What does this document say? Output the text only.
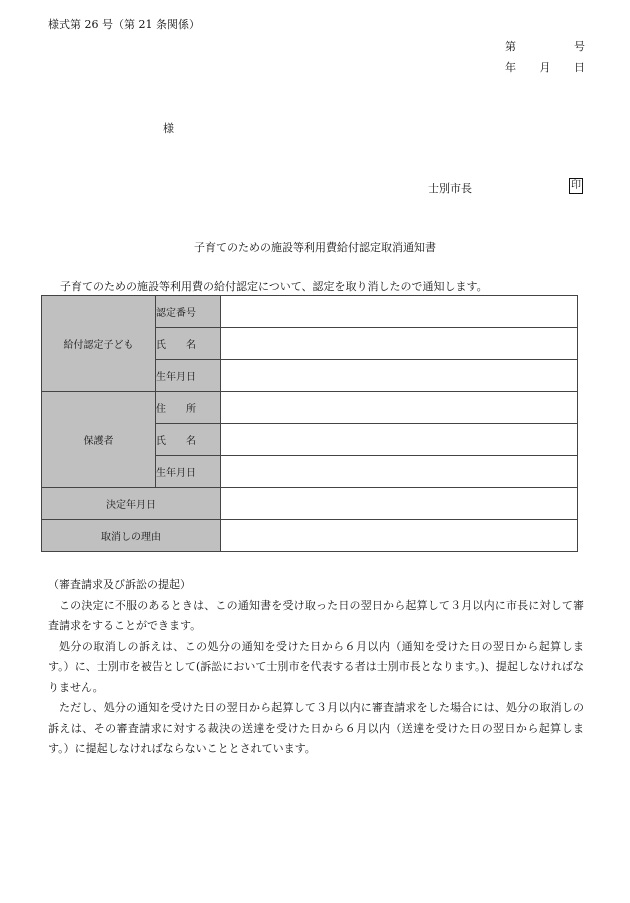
様式第 26 号（第 21 条関係）
第	号
年 月 日
様
士別市長	印
子育てのための施設等利用費給付認定取消通知書
子育てのための施設等利用費の給付認定について、認定を取り消したので通知します。
給付認定子ども	認定番号	

	氏 名	

	生年月日	
保護者	住 所	

	氏 名	

	生年月日	
決定年月日		
取消しの理由		

（審査請求及び訴訟の提起）

この決定に不服のあるときは、この通知書を受け取った日の翌日から起算して３月以内に市長に対して審査請求をすることができます。

処分の取消しの訴えは、この処分の通知を受けた日から６月以内（通知を受けた日の翌日から起算します。）に、士別市を被告として(訴訟において士別市を代表する者は士別市長となります。)、提起しなければなりません。

ただし、処分の通知を受けた日の翌日から起算して３月以内に審査請求をした場合には、処分の取消しの訴えは、その審査請求に対する裁決の送達を受けた日から６月以内（送達を受けた日の翌日から起算します。）に提起しなければならないこととされています。
